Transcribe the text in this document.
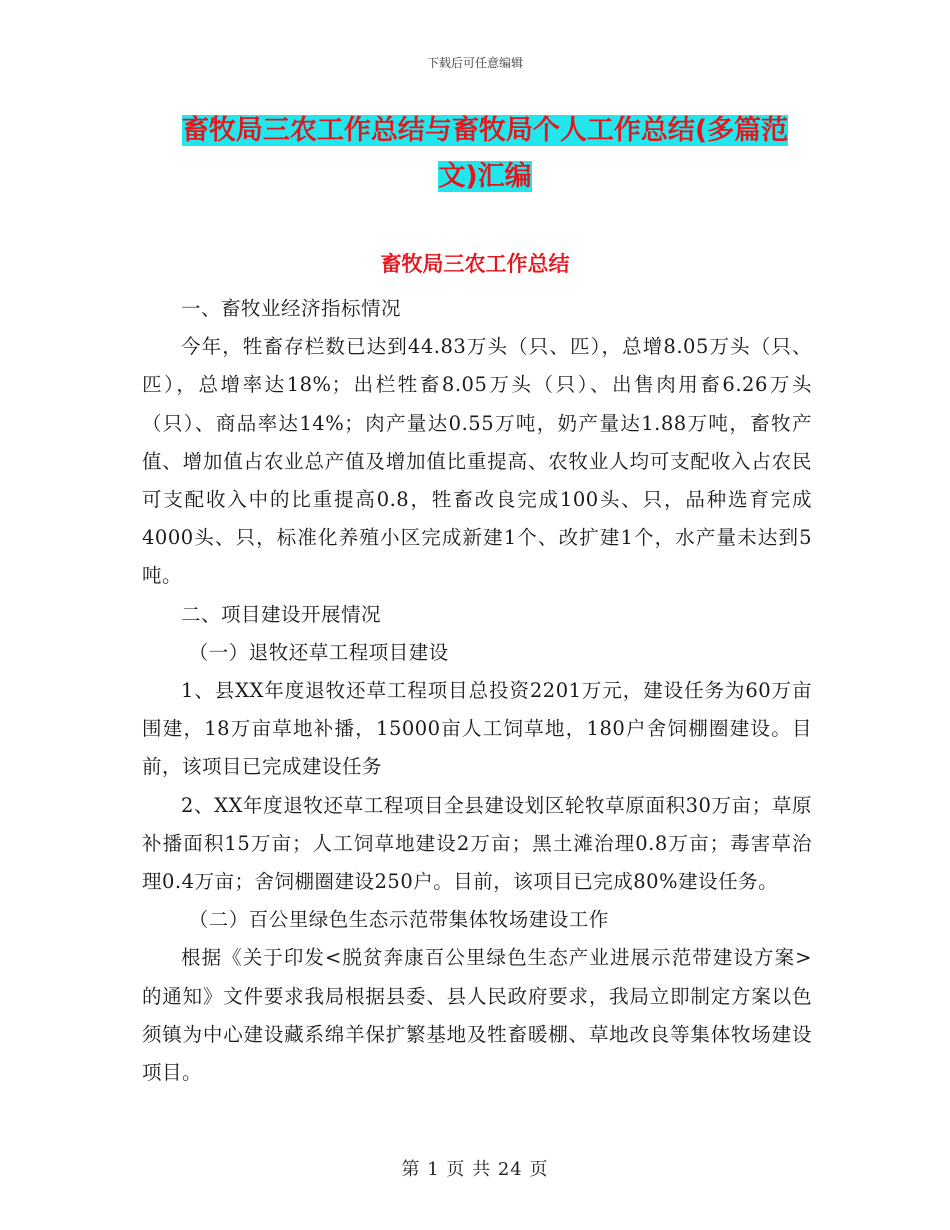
下载后可任意编辑
畜牧局三农工作总结与畜牧局个人工作总结(多篇范
文)汇编
畜牧局三农工作总结

一、畜牧业经济指标情况

今年，牲畜存栏数已达到44.83万头（只、匹），总增8.05万头（只、匹），总增率达18%；出栏牲畜8.05万头（只）、出售肉用畜6.26万头（只）、商品率达14%；肉产量达0.55万吨，奶产量达1.88万吨，畜牧产值、增加值占农业总产值及增加值比重提高、农牧业人均可支配收入占农民可支配收入中的比重提高0.8，牲畜改良完成100头、只，品种选育完成4000头、只，标准化养殖小区完成新建1个、改扩建1个，水产量未达到5吨。

二、项目建设开展情况

（一）退牧还草工程项目建设

1、县XX年度退牧还草工程项目总投资2201万元，建设任务为60万亩围建，18万亩草地补播，15000亩人工饲草地，180户舍饲棚圈建设。目前，该项目已完成建设任务

2、XX年度退牧还草工程项目全县建设划区轮牧草原面积30万亩；草原补播面积15万亩；人工饲草地建设2万亩；黑土滩治理0.8万亩；毒害草治理0.4万亩；舍饲棚圈建设250户。目前，该项目已完成80%建设任务。

（二）百公里绿色生态示范带集体牧场建设工作

根据《关于印发<脱贫奔康百公里绿色生态产业进展示范带建设方案>的通知》文件要求我局根据县委、县人民政府要求，我局立即制定方案以色须镇为中心建设藏系绵羊保扩繁基地及牲畜暖棚、草地改良等集体牧场建设项目。

第 1 页 共 24 页
